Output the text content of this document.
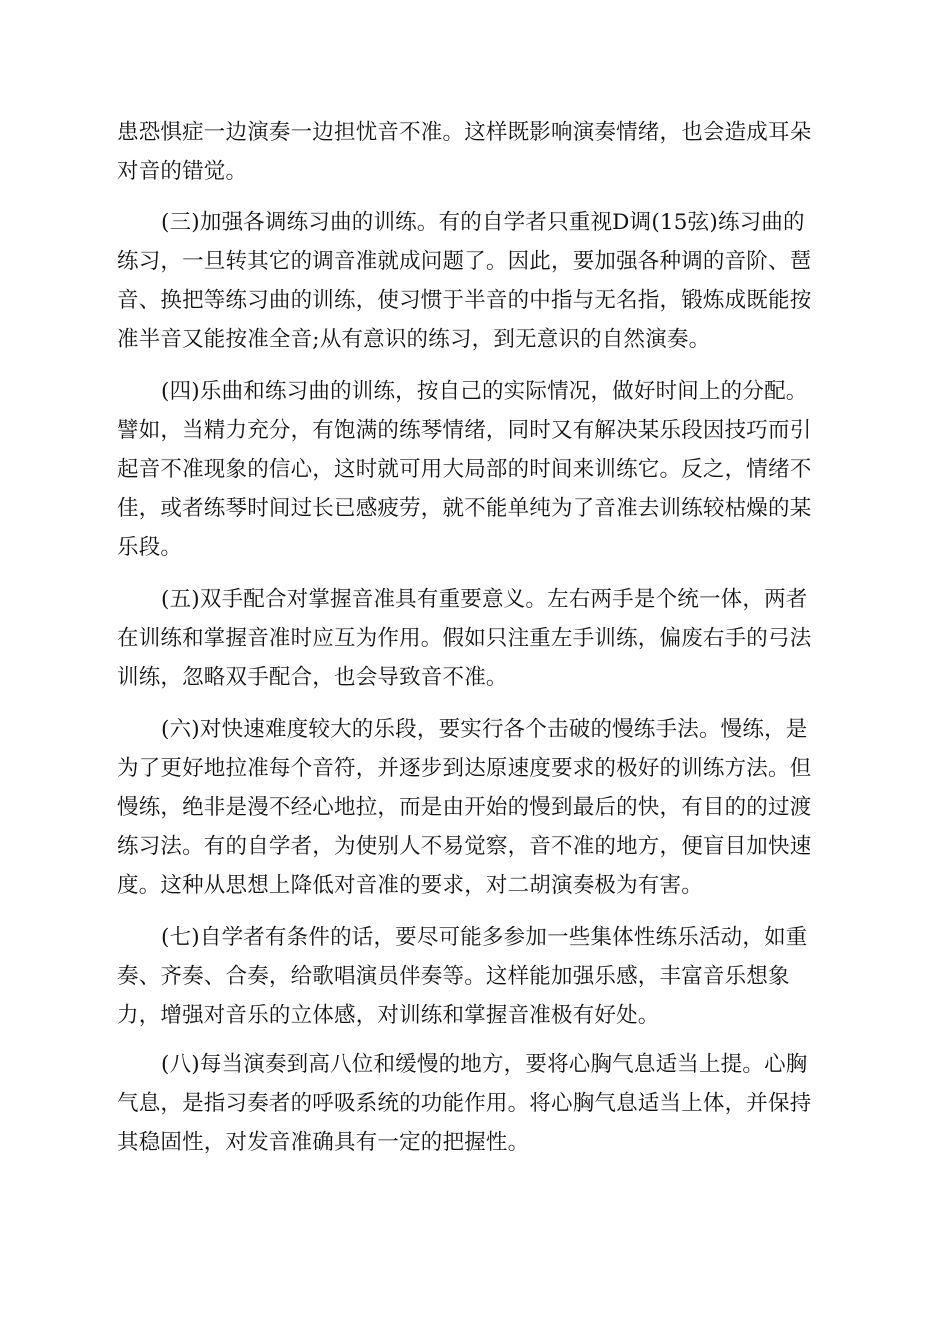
患恐惧症一边演奏一边担忧音不准。这样既影响演奏情绪，也会造成耳朵
对音的错觉。
(三)加强各调练习曲的训练。有的自学者只重视D调(15弦)练习曲的
练习，一旦转其它的调音准就成问题了。因此，要加强各种调的音阶、琶
音、换把等练习曲的训练，使习惯于半音的中指与无名指，锻炼成既能按
准半音又能按准全音;从有意识的练习，到无意识的自然演奏。
(四)乐曲和练习曲的训练，按自己的实际情况，做好时间上的分配。
譬如，当精力充分，有饱满的练琴情绪，同时又有解决某乐段因技巧而引
起音不准现象的信心，这时就可用大局部的时间来训练它。反之，情绪不
佳，或者练琴时间过长已感疲劳，就不能单纯为了音准去训练较枯燥的某
乐段。
(五)双手配合对掌握音准具有重要意义。左右两手是个统一体，两者
在训练和掌握音准时应互为作用。假如只注重左手训练，偏废右手的弓法
训练，忽略双手配合，也会导致音不准。
(六)对快速难度较大的乐段，要实行各个击破的慢练手法。慢练，是
为了更好地拉准每个音符，并逐步到达原速度要求的极好的训练方法。但
慢练，绝非是漫不经心地拉，而是由开始的慢到最后的快，有目的的过渡
练习法。有的自学者，为使别人不易觉察，音不准的地方，便盲目加快速
度。这种从思想上降低对音准的要求，对二胡演奏极为有害。
(七)自学者有条件的话，要尽可能多参加一些集体性练乐活动，如重
奏、齐奏、合奏，给歌唱演员伴奏等。这样能加强乐感，丰富音乐想象
力，增强对音乐的立体感，对训练和掌握音准极有好处。
(八)每当演奏到高八位和缓慢的地方，要将心胸气息适当上提。心胸
气息，是指习奏者的呼吸系统的功能作用。将心胸气息适当上体，并保持
其稳固性，对发音准确具有一定的把握性。
